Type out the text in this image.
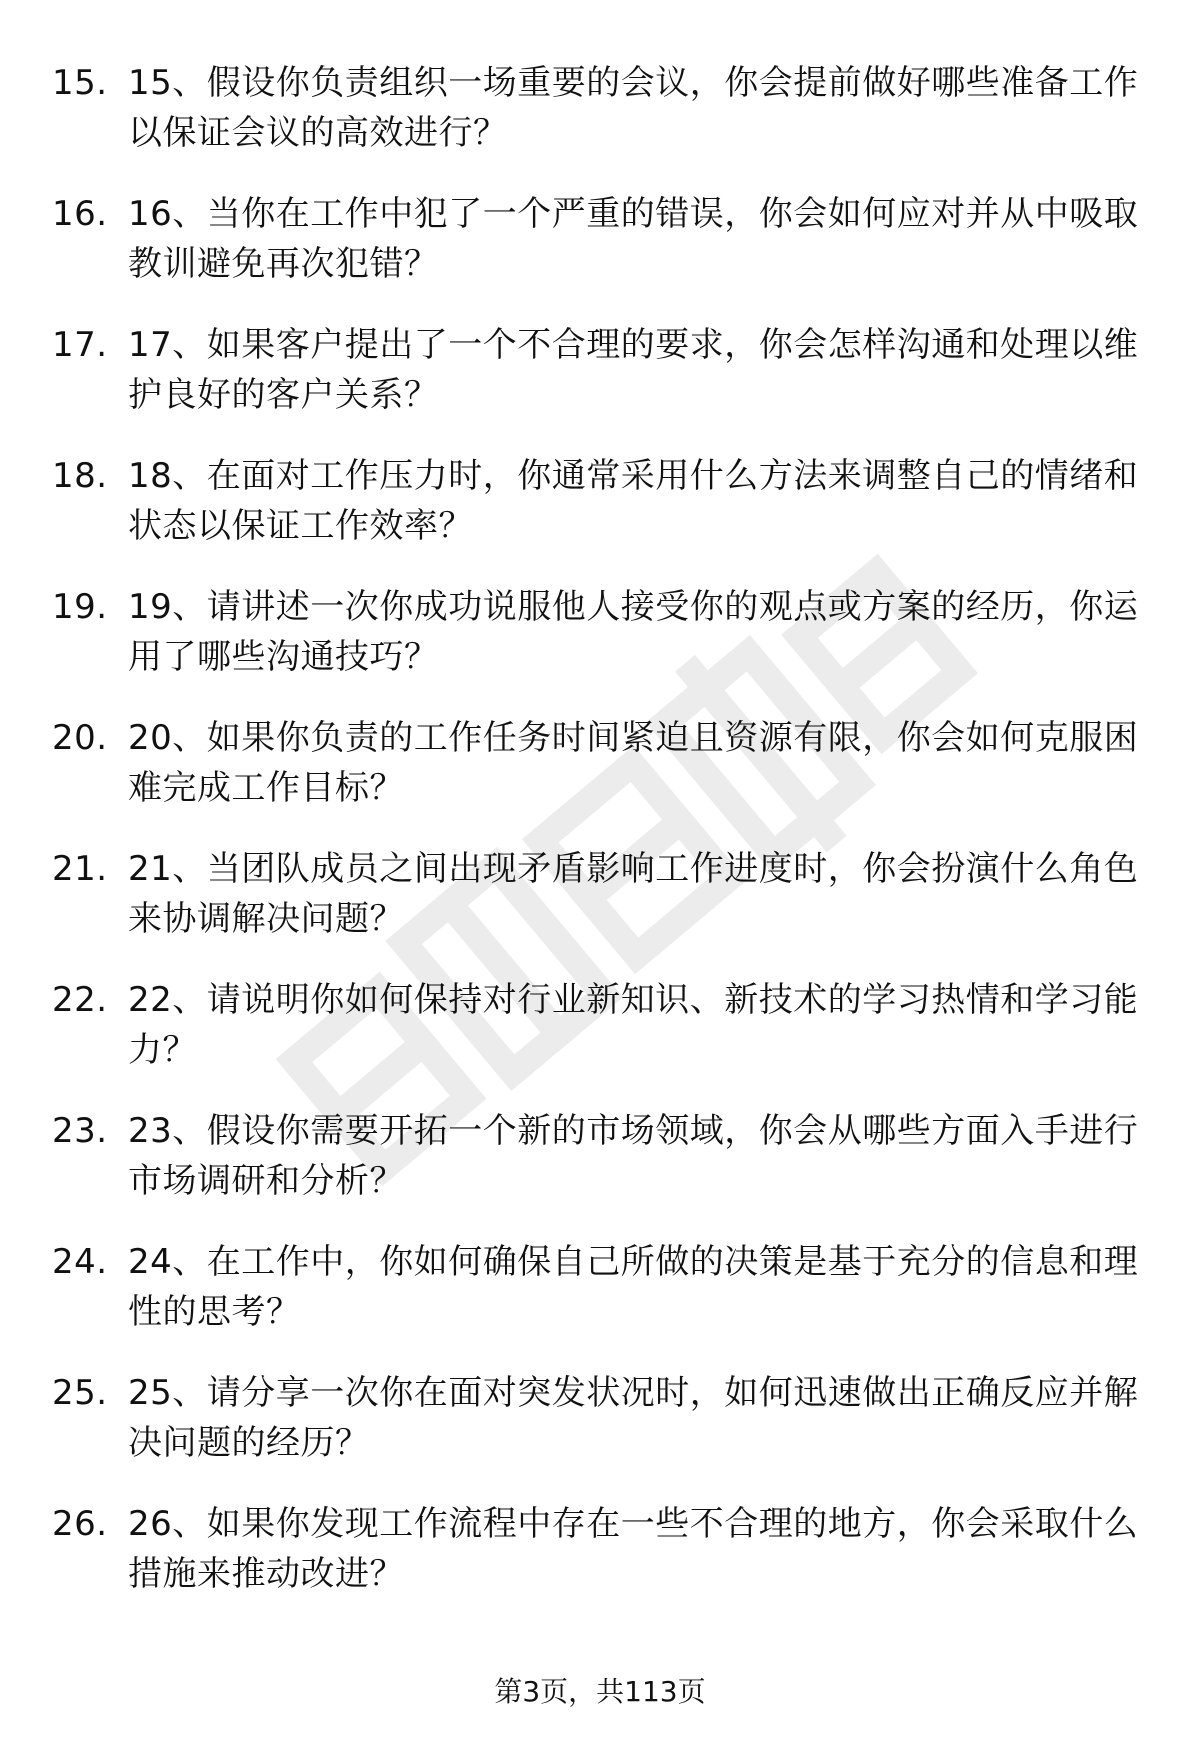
15. 15、假设你负责组织一场重要的会议，你会提前做好哪些准备工作以保证会议的高效进行？
16. 16、当你在工作中犯了一个严重的错误，你会如何应对并从中吸取教训避免再次犯错？
17. 17、如果客户提出了一个不合理的要求，你会怎样沟通和处理以维护良好的客户关系？
18. 18、在面对工作压力时，你通常采用什么方法来调整自己的情绪和状态以保证工作效率？
19. 19、请讲述一次你成功说服他人接受你的观点或方案的经历，你运用了哪些沟通技巧？
20. 20、如果你负责的工作任务时间紧迫且资源有限，你会如何克服困难完成工作目标？
21. 21、当团队成员之间出现矛盾影响工作进度时，你会扮演什么角色来协调解决问题？
22. 22、请说明你如何保持对行业新知识、新技术的学习热情和学习能力？
23. 23、假设你需要开拓一个新的市场领域，你会从哪些方面入手进行市场调研和分析？
24. 24、在工作中，你如何确保自己所做的决策是基于充分的信息和理性的思考？
25. 25、请分享一次你在面对突发状况时，如何迅速做出正确反应并解决问题的经历？
26. 26、如果你发现工作流程中存在一些不合理的地方，你会采取什么措施来推动改进？
第3页，共113页
